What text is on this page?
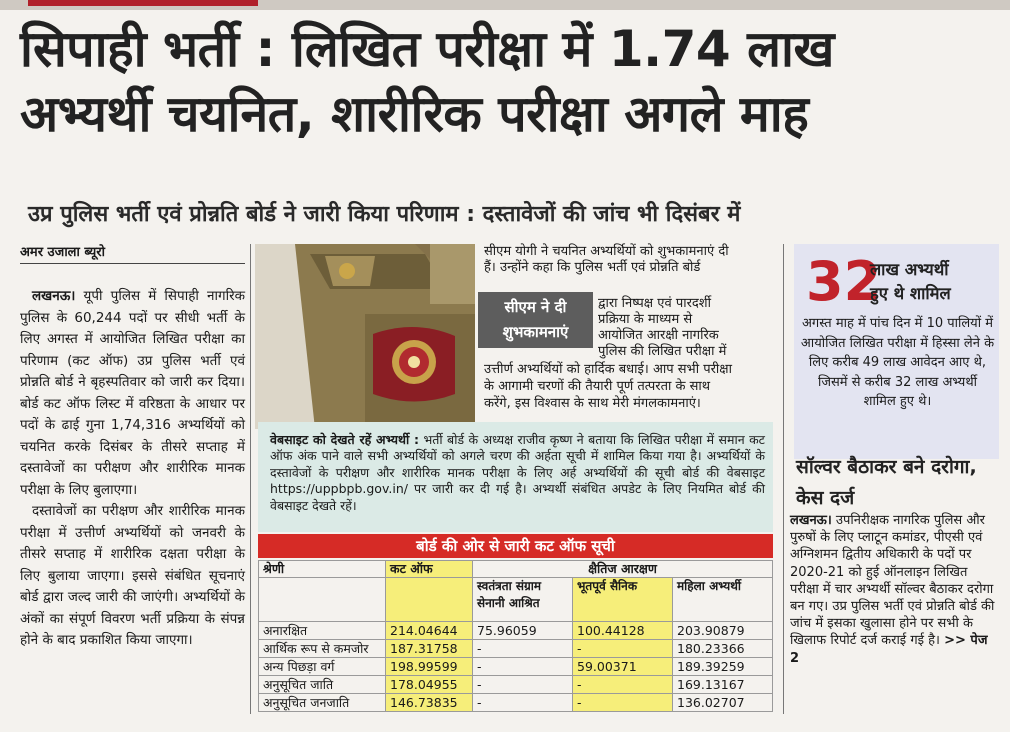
सिपाही भर्ती : लिखित परीक्षा में 1.74 लाख
अभ्यर्थी चयनित, शारीरिक परीक्षा अगले माह
उप्र पुलिस भर्ती एवं प्रोन्नति बोर्ड ने जारी किया परिणाम : दस्तावेजों की जांच भी दिसंबर में
अमर उजाला ब्यूरो

लखनऊ। यूपी पुलिस में सिपाही नागरिक पुलिस के 60,244 पदों पर सीधी भर्ती के लिए अगस्त में आयोजित लिखित परीक्षा का परिणाम (कट ऑफ) उप्र पुलिस भर्ती एवं प्रोन्नति बोर्ड ने बृहस्पतिवार को जारी कर दिया। बोर्ड कट ऑफ लिस्ट में वरिष्ठता के आधार पर पदों के ढाई गुना 1,74,316 अभ्यर्थियों को चयनित करके दिसंबर के तीसरे सप्ताह में दस्तावेजों का परीक्षण और शारीरिक मानक परीक्षा के लिए बुलाएगा।

दस्तावेजों का परीक्षण और शारीरिक मानक परीक्षा में उत्तीर्ण अभ्यर्थियों को जनवरी के तीसरे सप्ताह में शारीरिक दक्षता परीक्षा के लिए बुलाया जाएगा। इससे संबंधित सूचनाएं बोर्ड द्वारा जल्द जारी की जाएंगी। अभ्यर्थियों के अंकों का संपूर्ण विवरण भर्ती प्रक्रिया के संपन्न होने के बाद प्रकाशित किया जाएगा।

सीएम ने दी
शुभकामनाएं
सीएम योगी ने चयनित अभ्यर्थियों को शुभकामनाएं दी
हैं। उन्होंने कहा कि पुलिस भर्ती एवं प्रोन्नति बोर्ड
द्वारा निष्पक्ष एवं पारदर्शी
प्रक्रिया के माध्यम से
आयोजित आरक्षी नागरिक
पुलिस की लिखित परीक्षा में
उत्तीर्ण अभ्यर्थियों को हार्दिक बधाई। आप सभी परीक्षा
के आगामी चरणों की तैयारी पूर्ण तत्परता के साथ
करेंगे, इस विश्वास के साथ मेरी मंगलकामनाएं।
32
लाख अभ्यर्थी
हुए थे शामिल
अगस्त माह में पांच दिन में 10 पालियों में आयोजित लिखित परीक्षा में हिस्सा लेने के लिए करीब 49 लाख आवेदन आए थे, जिसमें से करीब 32 लाख अभ्यर्थी शामिल हुए थे।
सॉल्वर बैठाकर बने दरोगा, केस दर्ज
लखनऊ। उपनिरीक्षक नागरिक पुलिस और पुरुषों के लिए प्लाटून कमांडर, पीएसी एवं अग्निशमन द्वितीय अधिकारी के पदों पर 2020-21 को हुई ऑनलाइन लिखित परीक्षा में चार अभ्यर्थी सॉल्वर बैठाकर दरोगा बन गए। उप्र पुलिस भर्ती एवं प्रोन्नति बोर्ड की जांच में इसका खुलासा होने पर सभी के खिलाफ रिपोर्ट दर्ज कराई गई है। >> पेज 2
वेबसाइट को देखते रहें अभ्यर्थी : भर्ती बोर्ड के अध्यक्ष राजीव कृष्ण ने बताया कि लिखित परीक्षा में समान कट ऑफ अंक पाने वाले सभी अभ्यर्थियों को अगले चरण की अर्हता सूची में शामिल किया गया है। अभ्यर्थियों के दस्तावेजों के परीक्षण और शारीरिक मानक परीक्षा के लिए अर्ह अभ्यर्थियों की सूची बोर्ड की वेबसाइट https://uppbpb.gov.in/ पर जारी कर दी गई है। अभ्यर्थी संबंधित अपडेट के लिए नियमित बोर्ड की वेबसाइट देखते रहें।
बोर्ड की ओर से जारी कट ऑफ सूची
श्रेणी	कट ऑफ	क्षैतिज आरक्षण		
		स्वतंत्रता संग्राम सेनानी आश्रित	भूतपूर्व सैनिक	महिला अभ्यर्थी
अनारक्षित	214.04644	75.96059	100.44128	203.90879
आर्थिक रूप से कमजोर	187.31758	-	-	180.23366
अन्य पिछड़ा वर्ग	198.99599	-	59.00371	189.39259
अनुसूचित जाति	178.04955	-	-	169.13167
अनुसूचित जनजाति	146.73835	-	-	136.02707
